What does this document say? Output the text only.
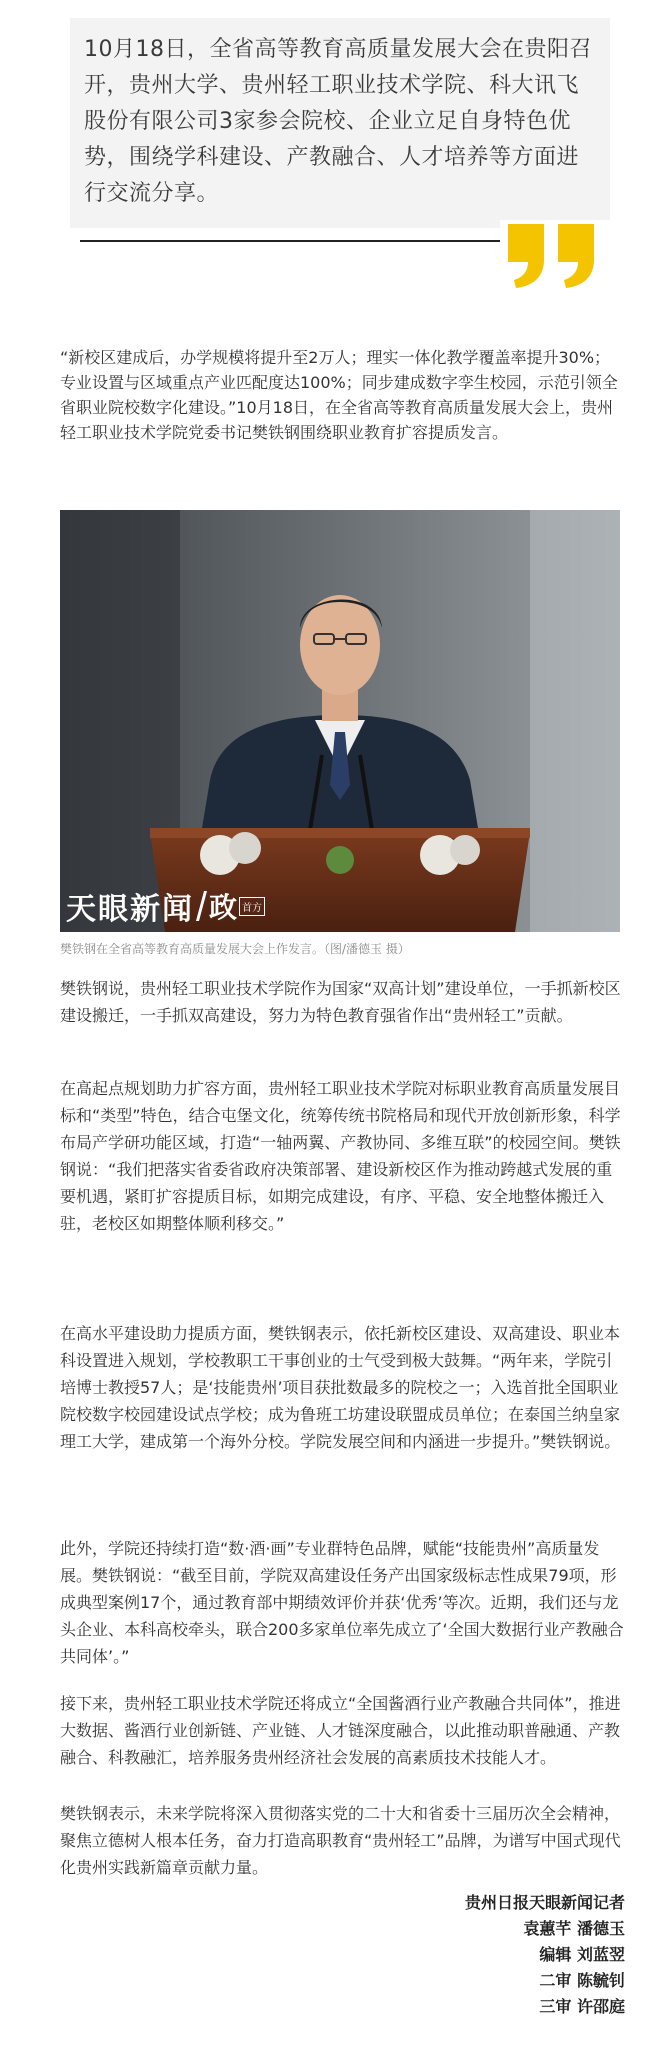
10月18日，全省高等教育高质量发展大会在贵阳召开，贵州大学、贵州轻工职业技术学院、科大讯飞股份有限公司3家参会院校、企业立足自身特色优势，围绕学科建设、产教融合、人才培养等方面进行交流分享。

“新校区建成后，办学规模将提升至2万人；理实一体化教学覆盖率提升30%；专业设置与区域重点产业匹配度达100%；同步建成数字孪生校园，示范引领全省职业院校数字化建设。”10月18日，在全省高等教育高质量发展大会上，贵州轻工职业技术学院党委书记樊铁钢围绕职业教育扩容提质发言。

天眼新闻 政 首方

樊铁钢在全省高等教育高质量发展大会上作发言。（图/潘德玉 摄）

樊铁钢说，贵州轻工职业技术学院作为国家“双高计划”建设单位，一手抓新校区建设搬迁，一手抓双高建设，努力为特色教育强省作出“贵州轻工”贡献。

在高起点规划助力扩容方面，贵州轻工职业技术学院对标职业教育高质量发展目标和“类型”特色，结合屯堡文化，统筹传统书院格局和现代开放创新形象，科学布局产学研功能区域，打造“一轴两翼、产教协同、多维互联”的校园空间。樊铁钢说：“我们把落实省委省政府决策部署、建设新校区作为推动跨越式发展的重要机遇，紧盯扩容提质目标，如期完成建设，有序、平稳、安全地整体搬迁入驻，老校区如期整体顺利移交。”

在高水平建设助力提质方面，樊铁钢表示，依托新校区建设、双高建设、职业本科设置进入规划，学校教职工干事创业的士气受到极大鼓舞。“两年来，学院引培博士教授57人；是‘技能贵州’项目获批数最多的院校之一；入选首批全国职业院校数字校园建设试点学校；成为鲁班工坊建设联盟成员单位；在泰国兰纳皇家理工大学，建成第一个海外分校。学院发展空间和内涵进一步提升。”樊铁钢说。

此外，学院还持续打造“数·酒·画”专业群特色品牌，赋能“技能贵州”高质量发展。樊铁钢说：“截至目前，学院双高建设任务产出国家级标志性成果79项，形成典型案例17个，通过教育部中期绩效评价并获‘优秀’等次。近期，我们还与龙头企业、本科高校牵头，联合200多家单位率先成立了‘全国大数据行业产教融合共同体’。”

接下来，贵州轻工职业技术学院还将成立“全国酱酒行业产教融合共同体”，推进大数据、酱酒行业创新链、产业链、人才链深度融合，以此推动职普融通、产教融合、科教融汇，培养服务贵州经济社会发展的高素质技术技能人才。

樊铁钢表示，未来学院将深入贯彻落实党的二十大和省委十三届历次全会精神，聚焦立德树人根本任务，奋力打造高职教育“贵州轻工”品牌，为谱写中国式现代化贵州实践新篇章贡献力量。

贵州日报天眼新闻记者
袁蕙芊 潘德玉
编辑 刘蓝翌
二审 陈毓钊
三审 许邵庭
